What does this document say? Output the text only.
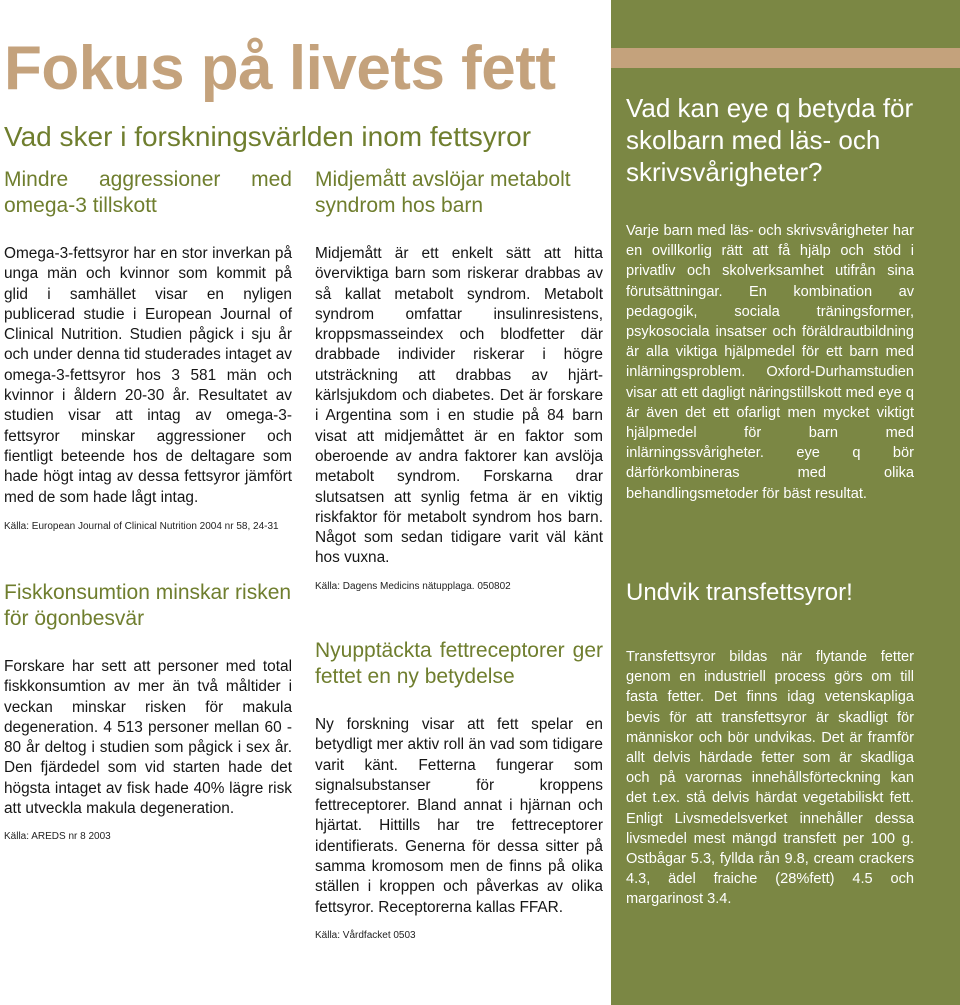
Fokus på livets fett
Vad sker i forskningsvärlden inom fettsyror
Mindre aggressioner med omega-3 tillskott

Omega-3-fettsyror har en stor inverkan på unga män och kvinnor som kommit på glid i samhället visar en nyligen publicerad studie i European Journal of Clinical Nutrition. Studien pågick i sju år och under denna tid studerades intaget av omega-3-fettsyror hos 3 581 män och kvinnor i åldern 20-30 år. Resultatet av studien visar att intag av omega-3-fettsyror minskar aggressioner och fientligt beteende hos de deltagare som hade högt intag av dessa fettsyror jämfört med de som hade lågt intag.

Källa: European Journal of Clinical Nutrition 2004 nr 58, 24-31

Fiskkonsumtion minskar risken för ögonbesvär

Forskare har sett att personer med total fiskkonsumtion av mer än två måltider i veckan minskar risken för makula degeneration. 4 513 personer mellan 60 - 80 år deltog i studien som pågick i sex år. Den fjärdedel som vid starten hade det högsta intaget av fisk hade 40% lägre risk att utveckla makula degeneration.

Källa: AREDS nr 8 2003

Midjemått avslöjar metabolt syndrom hos barn

Midjemått är ett enkelt sätt att hitta överviktiga barn som riskerar drabbas av så kallat metabolt syndrom. Metabolt syndrom omfattar insulinresistens, kroppsmasseindex och blodfetter där drabbade individer riskerar i högre utsträckning att drabbas av hjärt-kärlsjukdom och diabetes. Det är forskare i Argentina som i en studie på 84 barn visat att midjemåttet är en faktor som oberoende av andra faktorer kan avslöja metabolt syndrom. Forskarna drar slutsatsen att synlig fetma är en viktig riskfaktor för metabolt syndrom hos barn. Något som sedan tidigare varit väl känt hos vuxna.

Källa: Dagens Medicins nätupplaga. 050802

Nyupptäckta fettreceptorer ger fettet en ny betydelse

Ny forskning visar att fett spelar en betydligt mer aktiv roll än vad som tidigare varit känt. Fetterna fungerar som signalsubstanser för kroppens fettreceptorer. Bland annat i hjärnan och hjärtat. Hittills har tre fettreceptorer identifierats. Generna för dessa sitter på samma kromosom men de finns på olika ställen i kroppen och påverkas av olika fettsyror. Receptorerna kallas FFAR.

Källa: Vårdfacket 0503

Vad kan eye q betyda för skolbarn med läs- och skrivsvårigheter?

Varje barn med läs- och skrivsvårigheter har en ovillkorlig rätt att få hjälp och stöd i privatliv och skolverksamhet utifrån sina förutsättningar. En kombination av pedagogik, sociala träningsformer, psykosociala insatser och föräldrautbildning är alla viktiga hjälpmedel för ett barn med inlärningsproblem. Oxford-Durhamstudien visar att ett dagligt näringstillskott med eye q är även det ett ofarligt men mycket viktigt hjälpmedel för barn med inlärningssvårigheter. eye q bör därförkombineras med olika behandlingsmetoder för bäst resultat.

Undvik transfettsyror!

Transfettsyror bildas när flytande fetter genom en industriell process görs om till fasta fetter. Det finns idag vetenskapliga bevis för att transfettsyror är skadligt för människor och bör undvikas. Det är framför allt delvis härdade fetter som är skadliga och på varornas innehållsförteckning kan det t.ex. stå delvis härdat vegetabiliskt fett. Enligt Livsmedelsverket innehåller dessa livsmedel mest mängd transfett per 100 g. Ostbågar 5.3, fyllda rån 9.8, cream crackers 4.3, ädel fraiche (28%fett) 4.5 och margarinost 3.4.
